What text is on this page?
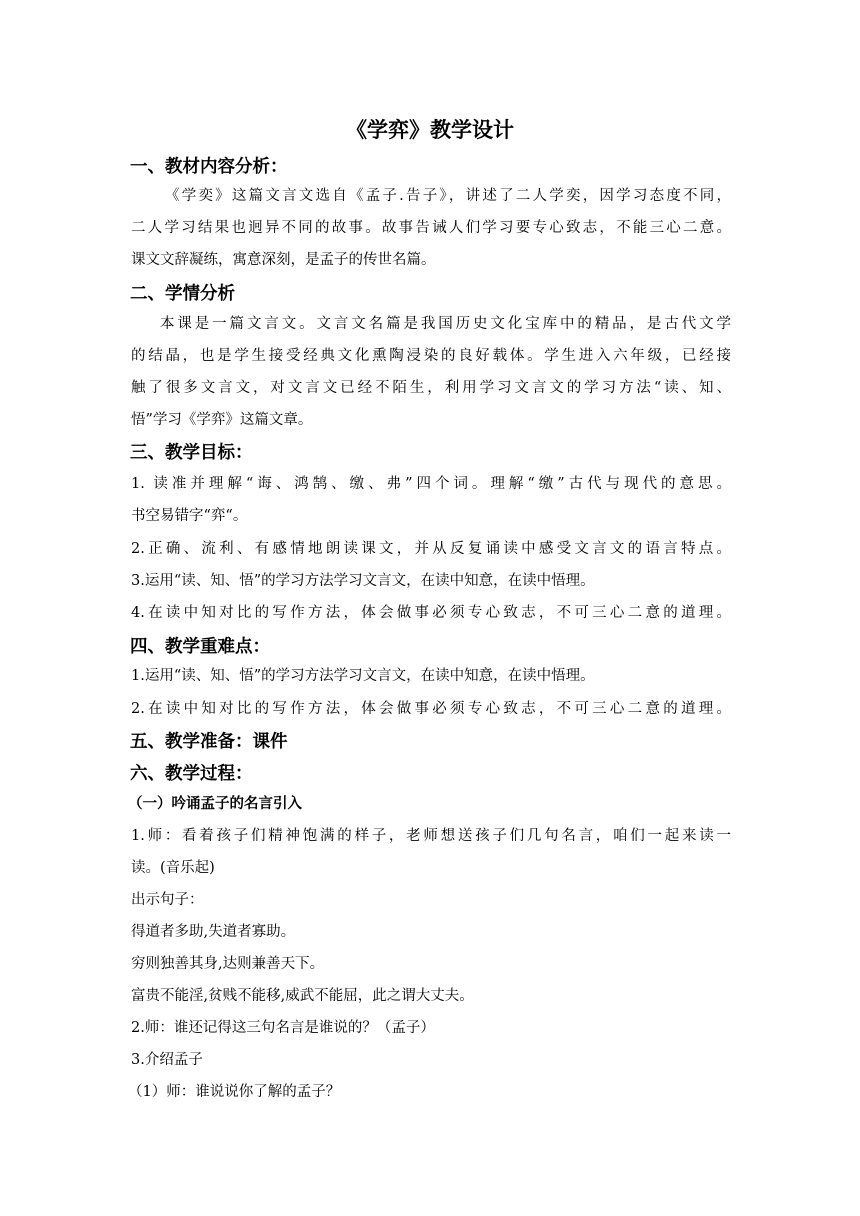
《学弈》教学设计
一、教材内容分析：

《学奕》这篇文言文选自《孟子.告子》，讲述了二人学奕，因学习态度不同，

二人学习结果也迥异不同的故事。故事告诫人们学习要专心致志，不能三心二意。

课文文辞凝练，寓意深刻，是孟子的传世名篇。

二、学情分析

本课是一篇文言文。文言文名篇是我国历史文化宝库中的精品，是古代文学

的结晶，也是学生接受经典文化熏陶浸染的良好载体。学生进入六年级，已经接

触了很多文言文，对文言文已经不陌生，利用学习文言文的学习方法“读、知、

悟”学习《学弈》这篇文章。

三、教学目标：

1. 读准并理解“诲、鸿鹄、缴、弗”四个词。理解“缴”古代与现代的意思。

书空易错字“弈“。

2.正确、流利、有感情地朗读课文，并从反复诵读中感受文言文的语言特点。

3.运用“读、知、悟”的学习方法学习文言文，在读中知意，在读中悟理。

4.在读中知对比的写作方法，体会做事必须专心致志，不可三心二意的道理。

四、教学重难点：

1.运用“读、知、悟”的学习方法学习文言文，在读中知意，在读中悟理。

2.在读中知对比的写作方法，体会做事必须专心致志，不可三心二意的道理。

五、教学准备：课件
六、教学过程：
（一）吟诵孟子的名言引入

1.师：看着孩子们精神饱满的样子，老师想送孩子们几句名言，咱们一起来读一

读。(音乐起)

出示句子：

得道者多助,失道者寡助。

穷则独善其身,达则兼善天下。

富贵不能淫,贫贱不能移,威武不能屈，此之谓大丈夫。

2.师：谁还记得这三句名言是谁说的？（孟子）

3.介绍孟子

（1）师：谁说说你了解的孟子？
